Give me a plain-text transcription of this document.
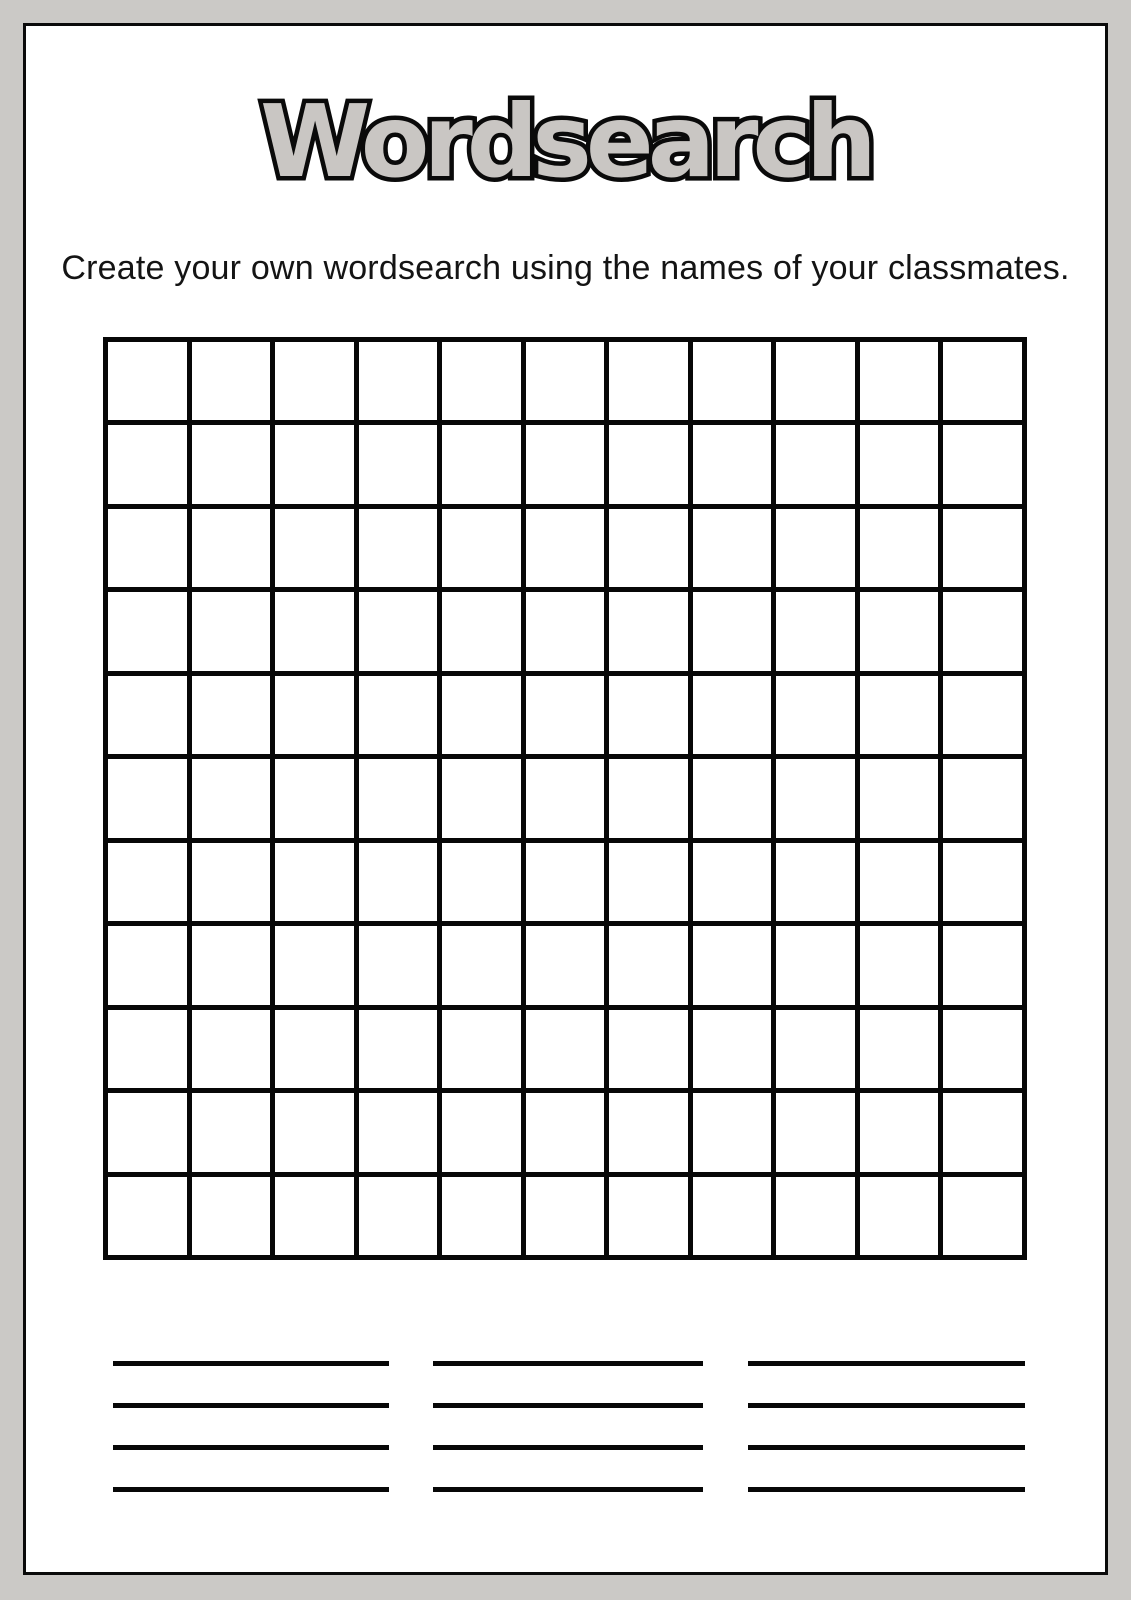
Wordsearch Wordsearch
Create your own wordsearch using the names of your classmates.
